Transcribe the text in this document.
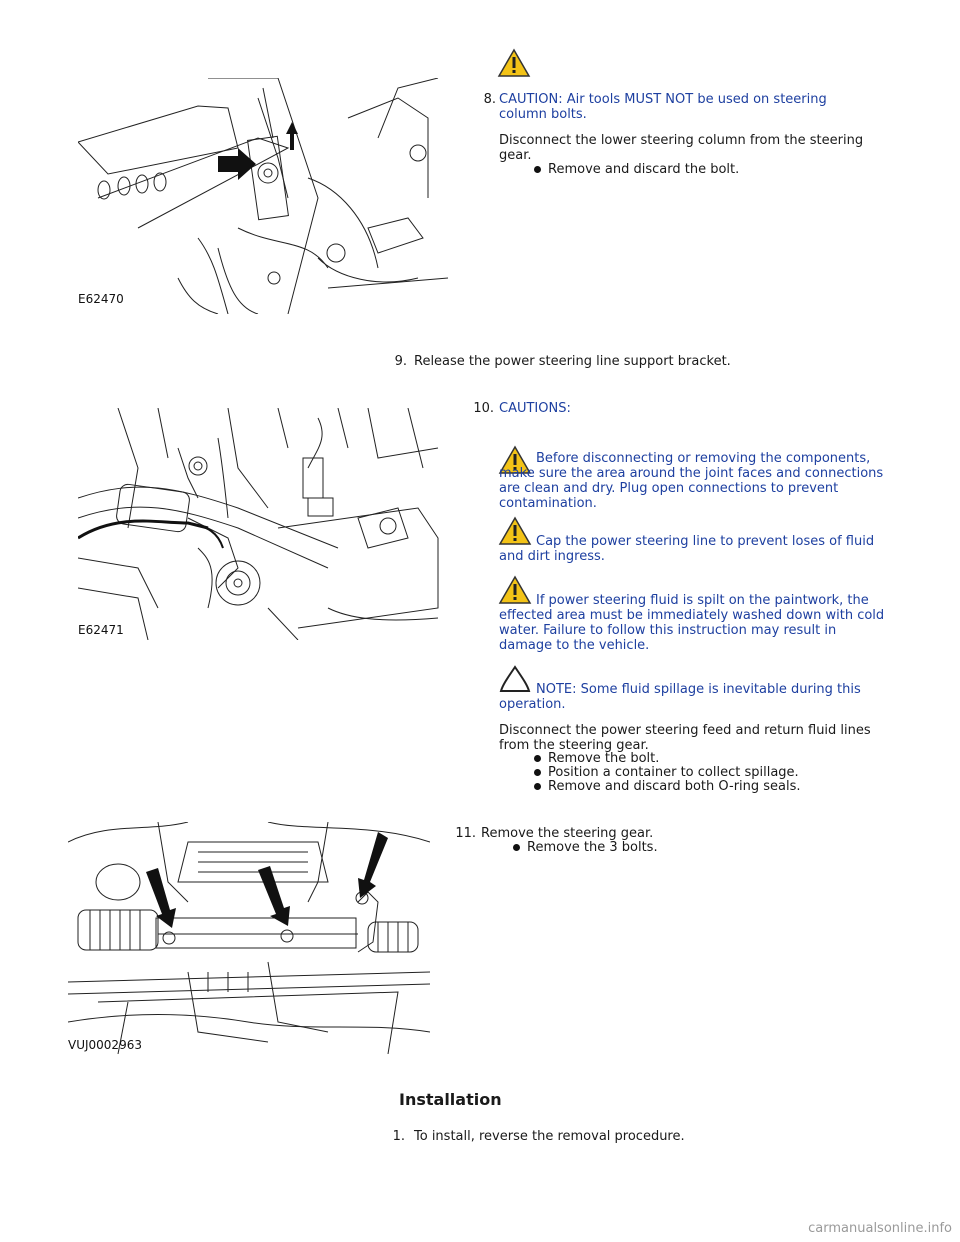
E62470
8. CAUTION: Air tools MUST NOT be used on steering
column bolts.
Disconnect the lower steering column from the steering
gear.
Remove and discard the bolt.
9. Release the power steering line support bracket.
E62471
10. CAUTIONS:
Before disconnecting or removing the components,
make sure the area around the joint faces and connections
are clean and dry. Plug open connections to prevent
contamination.
Cap the power steering line to prevent loses of fluid
and dirt ingress.
If power steering fluid is spilt on the paintwork, the
effected area must be immediately washed down with cold
water. Failure to follow this instruction may result in
damage to the vehicle.
NOTE: Some fluid spillage is inevitable during this
operation.
Disconnect the power steering feed and return fluid lines
from the steering gear.
Remove the bolt.
Position a container to collect spillage.
Remove and discard both O-ring seals.
VUJ0002963
11. Remove the steering gear.
Remove the 3 bolts.
Installation
1. To install, reverse the removal procedure.
carmanualsonline.info
